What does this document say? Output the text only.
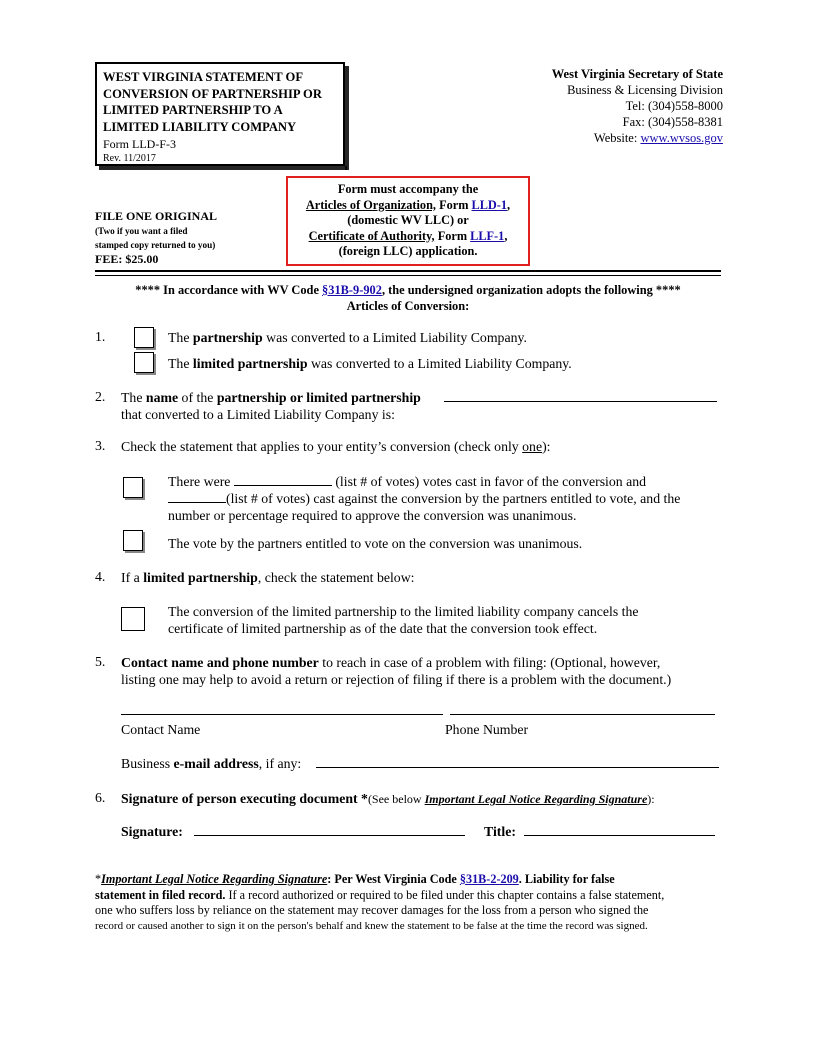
WEST VIRGINIA STATEMENT OF
CONVERSION OF PARTNERSHIP OR
LIMITED PARTNERSHIP TO A
LIMITED LIABILITY COMPANY
Form LLD-F-3
Rev. 11/2017
West Virginia Secretary of State
Business & Licensing Division
Tel: (304)558-8000
Fax: (304)558-8381
Website: www.wvsos.gov
FILE ONE ORIGINAL
(Two if you want a filed
stamped copy returned to you)
FEE: $25.00
Form must accompany the
Articles of Organization, Form LLD-1,
(domestic WV LLC) or
Certificate of Authority, Form LLF-1,
(foreign LLC) application.
**** In accordance with WV Code §31B-9-902, the undersigned organization adopts the following ****
Articles of Conversion:
1.	The partnership was converted to a Limited Liability Company.
The limited partnership was converted to a Limited Liability Company.
2. The name of the partnership or limited partnership
that converted to a Limited Liability Company is:
3. Check the statement that applies to your entity’s conversion (check only one):
There were	(list # of votes) votes cast in favor of the conversion and
(list # of votes) cast against the conversion by the partners entitled to vote, and the
number or percentage required to approve the conversion was unanimous.
The vote by the partners entitled to vote on the conversion was unanimous.
4. If a limited partnership, check the statement below:
The conversion of the limited partnership to the limited liability company cancels the
certificate of limited partnership as of the date that the conversion took effect.
5. Contact name and phone number to reach in case of a problem with filing: (Optional, however,
listing one may help to avoid a return or rejection of filing if there is a problem with the document.)
Contact Name	Phone Number
Business e-mail address, if any:
6. Signature of person executing document *(See below Important Legal Notice Regarding Signature):
Signature:	Title:
*Important Legal Notice Regarding Signature: Per West Virginia Code §31B-2-209. Liability for false
statement in filed record. If a record authorized or required to be filed under this chapter contains a false statement,
one who suffers loss by reliance on the statement may recover damages for the loss from a person who signed the
record or caused another to sign it on the person's behalf and knew the statement to be false at the time the record was signed.
